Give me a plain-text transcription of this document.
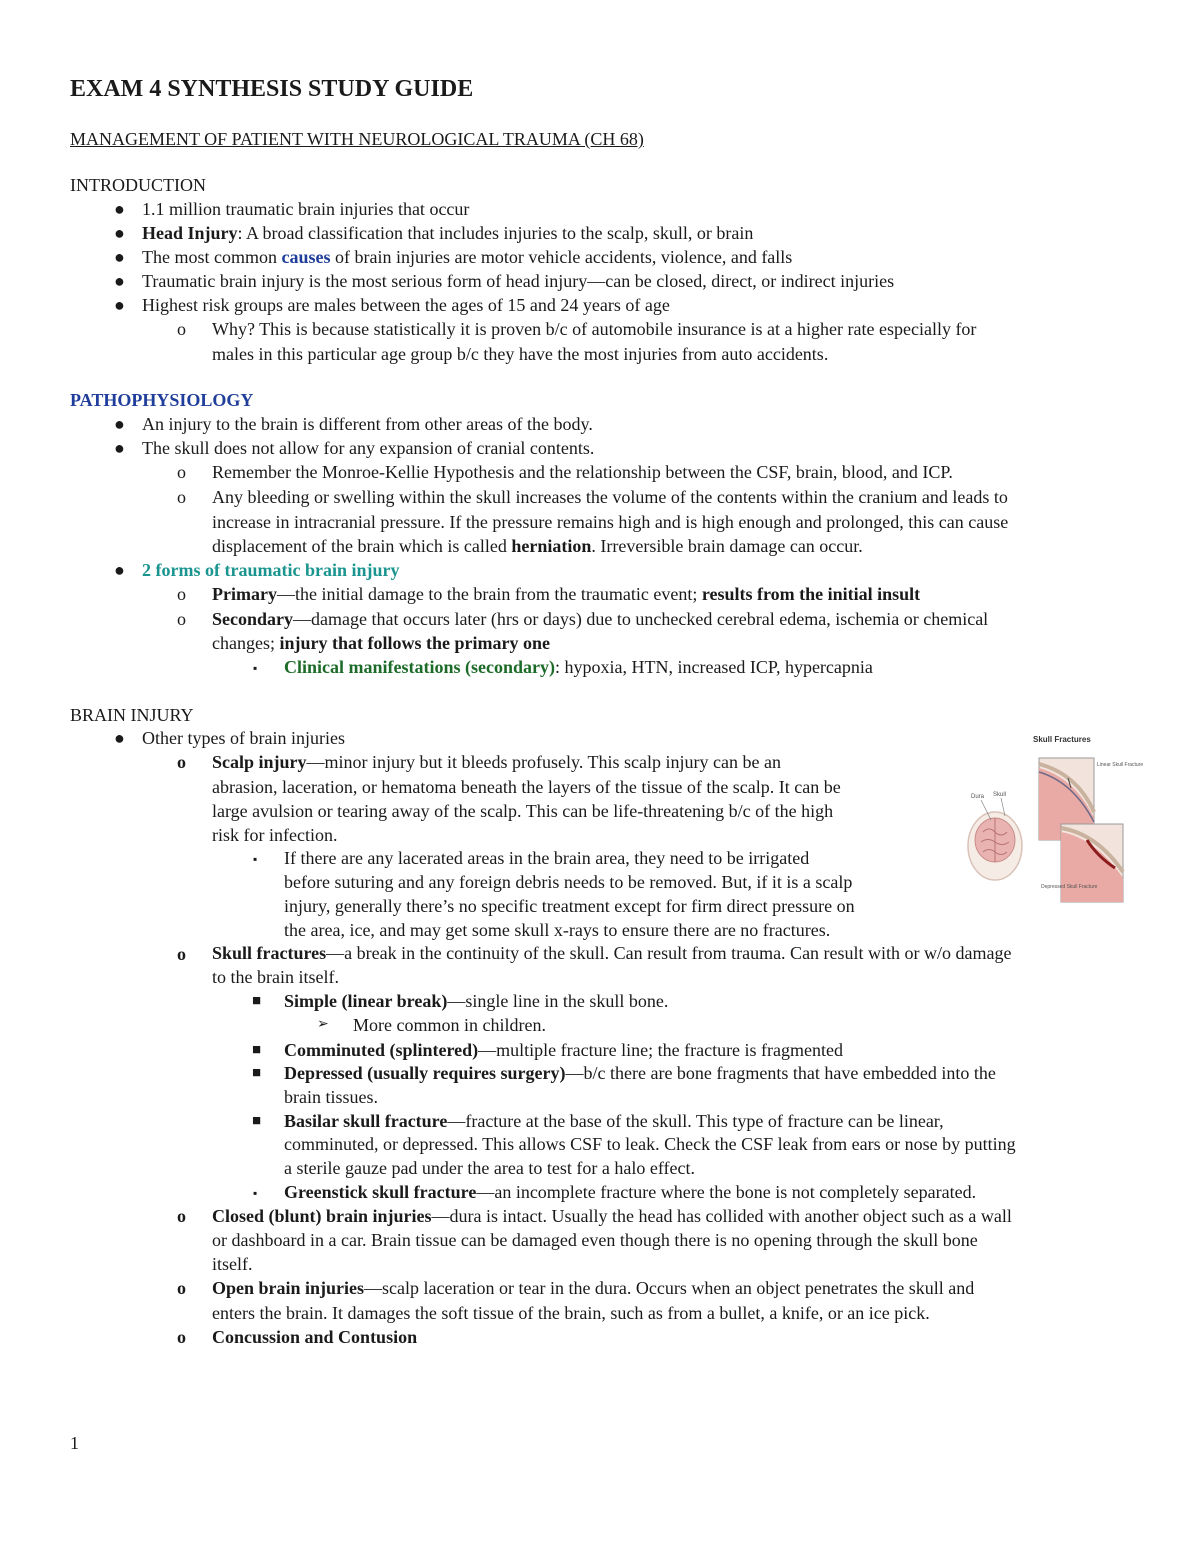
EXAM 4 SYNTHESIS STUDY GUIDE
MANAGEMENT OF PATIENT WITH NEUROLOGICAL TRAUMA (CH 68)
INTRODUCTION
● 1.1 million traumatic brain injuries that occur
● Head Injury: A broad classification that includes injuries to the scalp, skull, or brain
● The most common causes of brain injuries are motor vehicle accidents, violence, and falls
● Traumatic brain injury is the most serious form of head injury—can be closed, direct, or indirect injuries
● Highest risk groups are males between the ages of 15 and 24 years of age
o Why? This is because statistically it is proven b/c of automobile insurance is at a higher rate especially for
males in this particular age group b/c they have the most injuries from auto accidents.
PATHOPHYSIOLOGY
● An injury to the brain is different from other areas of the body.
● The skull does not allow for any expansion of cranial contents.
o Remember the Monroe-Kellie Hypothesis and the relationship between the CSF, brain, blood, and ICP.
o Any bleeding or swelling within the skull increases the volume of the contents within the cranium and leads to
increase in intracranial pressure. If the pressure remains high and is high enough and prolonged, this can cause
displacement of the brain which is called herniation. Irreversible brain damage can occur.
● 2 forms of traumatic brain injury
o Primary—the initial damage to the brain from the traumatic event; results from the initial insult
o Secondary—damage that occurs later (hrs or days) due to unchecked cerebral edema, ischemia or chemical
changes; injury that follows the primary one
▪ Clinical manifestations (secondary): hypoxia, HTN, increased ICP, hypercapnia
BRAIN INJURY
● Other types of brain injuries
o Scalp injury—minor injury but it bleeds profusely. This scalp injury can be an
abrasion, laceration, or hematoma beneath the layers of the tissue of the scalp. It can be
large avulsion or tearing away of the scalp. This can be life-threatening b/c of the high
risk for infection.
▪ If there are any lacerated areas in the brain area, they need to be irrigated
before suturing and any foreign debris needs to be removed. But, if it is a scalp
injury, generally there’s no specific treatment except for firm direct pressure on
the area, ice, and may get some skull x-rays to ensure there are no fractures.
o Skull fractures—a break in the continuity of the skull. Can result from trauma. Can result with or w/o damage
to the brain itself.
■ Simple (linear break)—single line in the skull bone.
➢ More common in children.
■ Comminuted (splintered)—multiple fracture line; the fracture is fragmented
■ Depressed (usually requires surgery)—b/c there are bone fragments that have embedded into the
brain tissues.
■ Basilar skull fracture—fracture at the base of the skull. This type of fracture can be linear,
comminuted, or depressed. This allows CSF to leak. Check the CSF leak from ears or nose by putting
a sterile gauze pad under the area to test for a halo effect.
▪ Greenstick skull fracture—an incomplete fracture where the bone is not completely separated.
o Closed (blunt) brain injuries—dura is intact. Usually the head has collided with another object such as a wall
or dashboard in a car. Brain tissue can be damaged even though there is no opening through the skull bone
itself.
o Open brain injuries—scalp laceration or tear in the dura. Occurs when an object penetrates the skull and
enters the brain. It damages the soft tissue of the brain, such as from a bullet, a knife, or an ice pick.
o Concussion and Contusion
Skull Fractures
Dura Skull
Linear Skull Fracture
Depressed Skull Fracture
1
